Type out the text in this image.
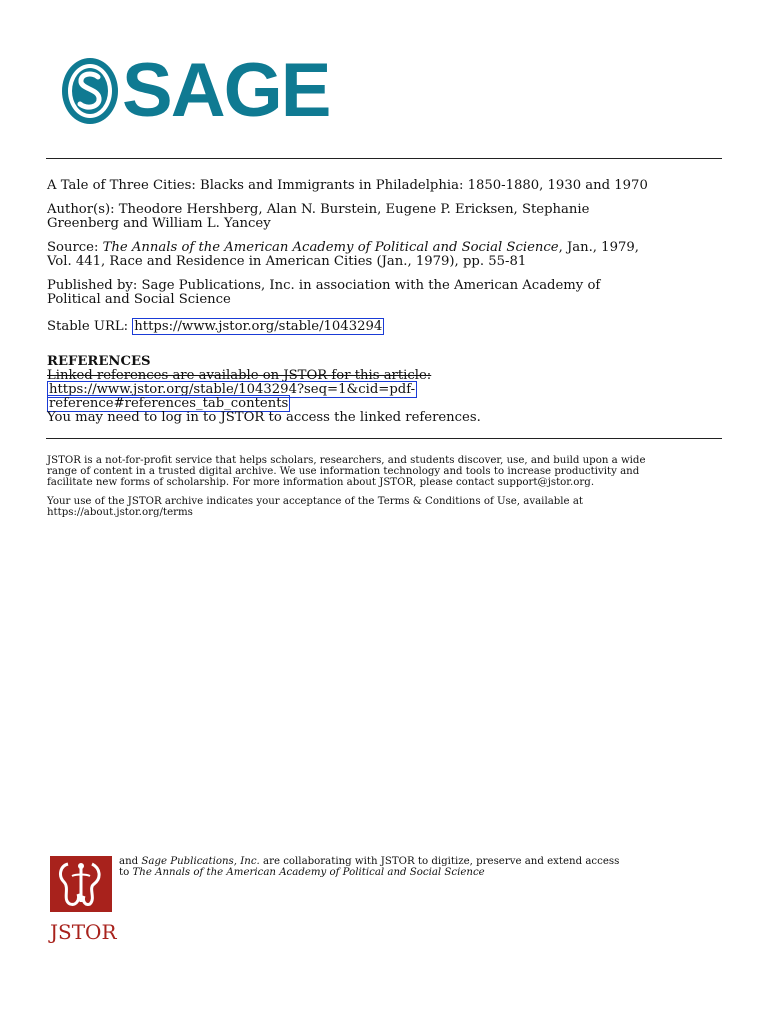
SAGE

A Tale of Three Cities: Blacks and Immigrants in Philadelphia: 1850-1880, 1930 and 1970

Author(s): Theodore Hershberg, Alan N. Burstein, Eugene P. Ericksen, Stephanie
Greenberg and William L. Yancey

Source: The Annals of the American Academy of Political and Social Science, Jan., 1979,
Vol. 441, Race and Residence in American Cities (Jan., 1979), pp. 55-81

Published by: Sage Publications, Inc. in association with the American Academy of
Political and Social Science

Stable URL: https://www.jstor.org/stable/1043294

REFERENCES

Linked references are available on JSTOR for this article:

https://www.jstor.org/stable/1043294?seq=1&cid=pdf-

reference#references_tab_contents

You may need to log in to JSTOR to access the linked references.

JSTOR is a not-for-profit service that helps scholars, researchers, and students discover, use, and build upon a wide
range of content in a trusted digital archive. We use information technology and tools to increase productivity and
facilitate new forms of scholarship. For more information about JSTOR, please contact support@jstor.org.

Your use of the JSTOR archive indicates your acceptance of the Terms & Conditions of Use, available at
https://about.jstor.org/terms

JSTOR
and Sage Publications, Inc. are collaborating with JSTOR to digitize, preserve and extend access
to The Annals of the American Academy of Political and Social Science
